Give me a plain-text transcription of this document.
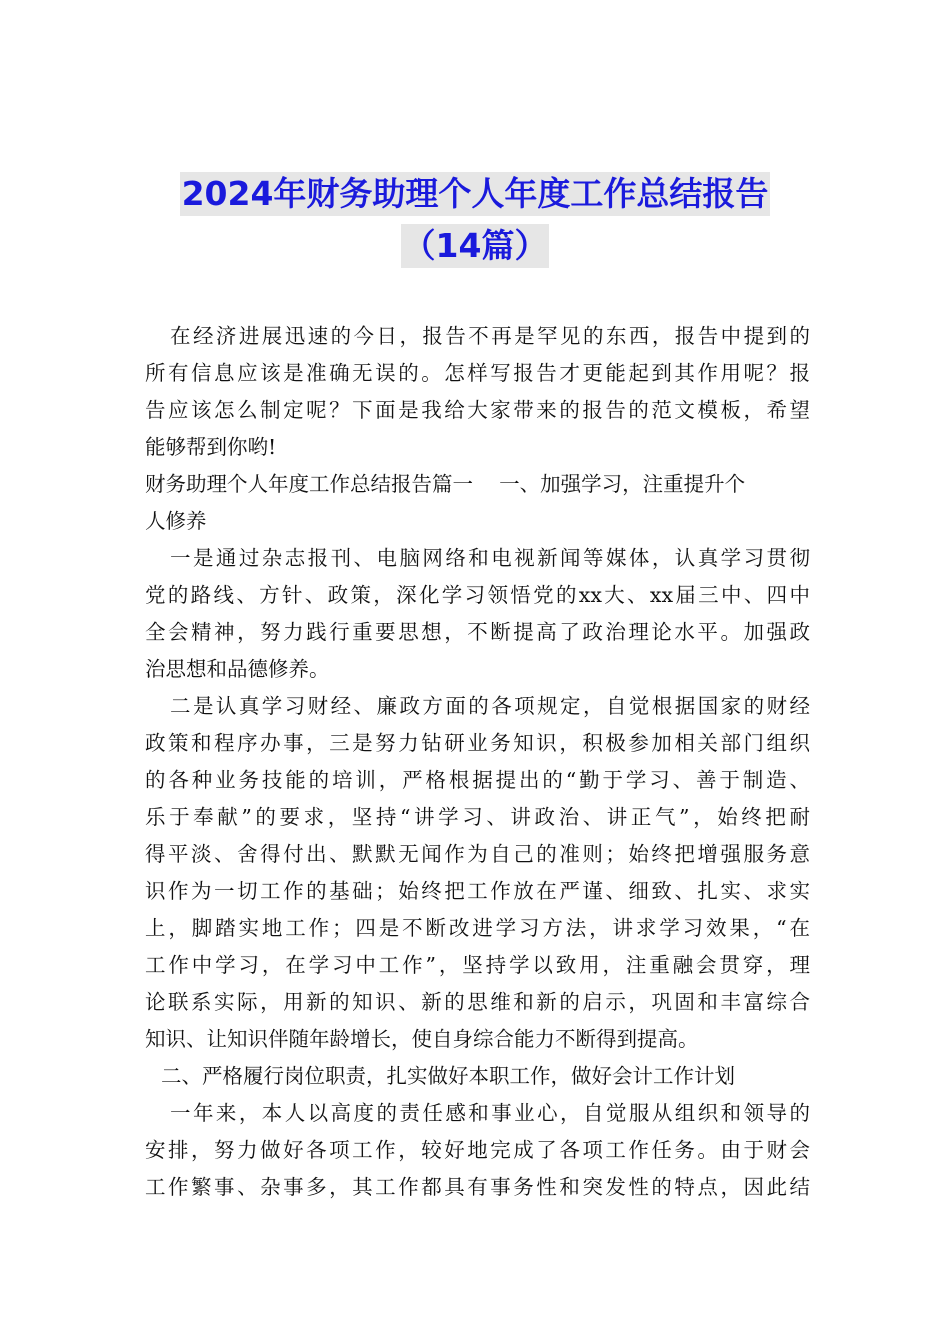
2024年财务助理个人年度工作总结报告
（14篇）

在经济进展迅速的今日，报告不再是罕见的东西，报告中提到的
所有信息应该是准确无误的。怎样写报告才更能起到其作用呢？报
告应该怎么制定呢？下面是我给大家带来的报告的范文模板，希望
能够帮到你哟!

财务助理个人年度工作总结报告篇一    一、加强学习，注重提升个
人修养

一是通过杂志报刊、电脑网络和电视新闻等媒体，认真学习贯彻
党的路线、方针、政策，深化学习领悟党的xx大、xx届三中、四中
全会精神，努力践行重要思想，不断提高了政治理论水平。加强政
治思想和品德修养。

二是认真学习财经、廉政方面的各项规定，自觉根据国家的财经
政策和程序办事，三是努力钻研业务知识，积极参加相关部门组织
的各种业务技能的培训，严格根据提出的“勤于学习、善于制造、
乐于奉献”的要求，坚持“讲学习、讲政治、讲正气”，始终把耐
得平淡、舍得付出、默默无闻作为自己的准则；始终把增强服务意
识作为一切工作的基础；始终把工作放在严谨、细致、扎实、求实
上，脚踏实地工作；四是不断改进学习方法，讲求学习效果，“在
工作中学习，在学习中工作”，坚持学以致用，注重融会贯穿，理
论联系实际，用新的知识、新的思维和新的启示，巩固和丰富综合
知识、让知识伴随年龄增长，使自身综合能力不断得到提高。

二、严格履行岗位职责，扎实做好本职工作，做好会计工作计划

一年来，本人以高度的责任感和事业心，自觉服从组织和领导的
安排，努力做好各项工作，较好地完成了各项工作任务。由于财会
工作繁事、杂事多，其工作都具有事务性和突发性的特点，因此结
